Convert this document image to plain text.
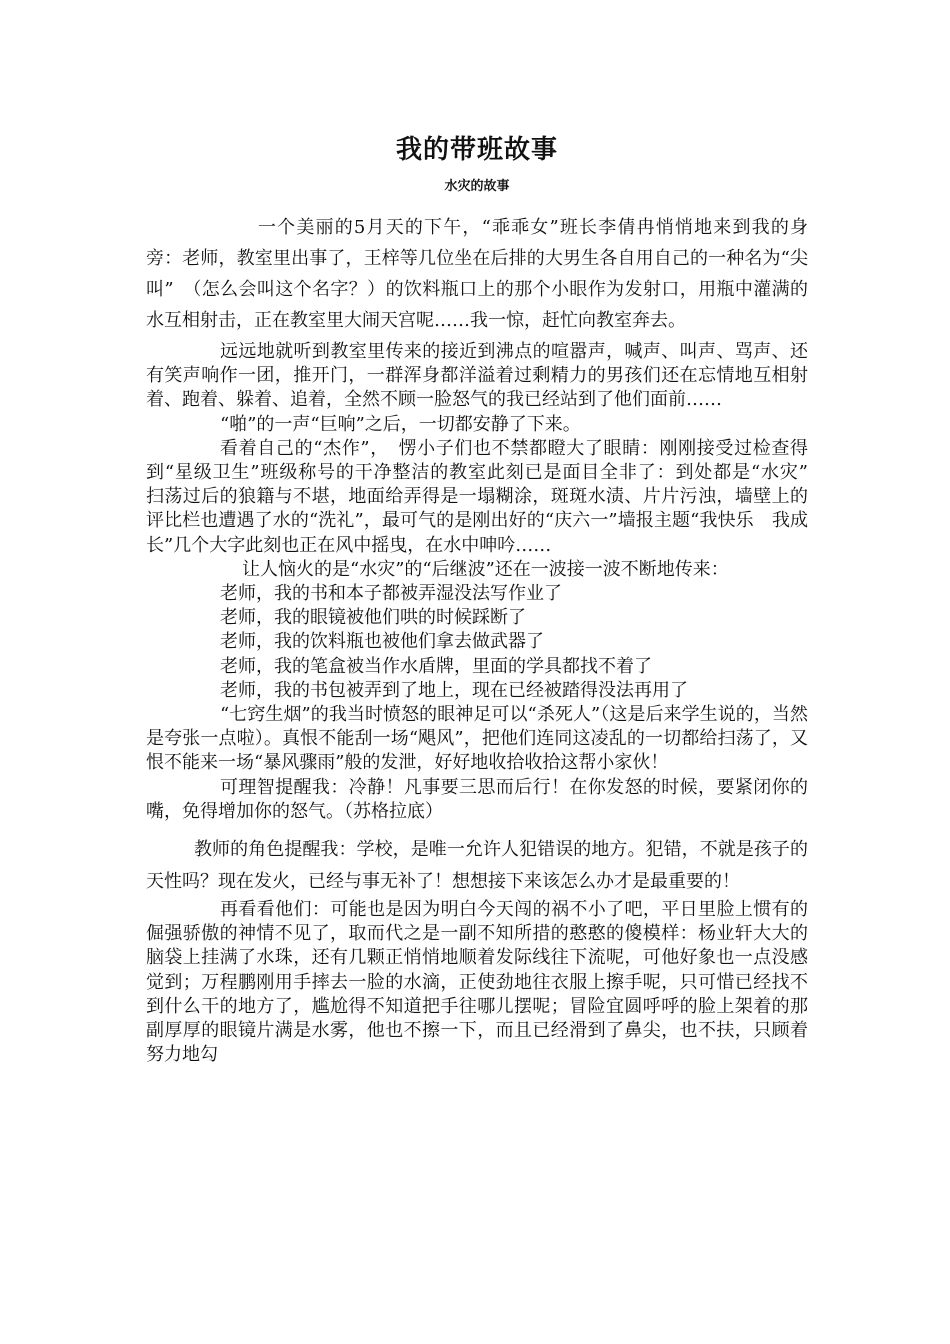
我的带班故事
水灾的故事

一个美丽的5月天的下午，“乖乖女”班长李倩冉悄悄地来到我的身旁：老师，教室里出事了，王梓等几位坐在后排的大男生各自用自己的一种名为“尖叫”　（怎么会叫这个名字？）的饮料瓶口上的那个小眼作为发射口，用瓶中灌满的水互相射击，正在教室里大闹天宫呢……我一惊，赶忙向教室奔去。

远远地就听到教室里传来的接近到沸点的喧嚣声，喊声、叫声、骂声、还有笑声响作一团，推开门，一群浑身都洋溢着过剩精力的男孩们还在忘情地互相射着、跑着、躲着、追着，全然不顾一脸怒气的我已经站到了他们面前……

“啪”的一声“巨响”之后，一切都安静了下来。

看着自己的“杰作”，　愣小子们也不禁都瞪大了眼睛：刚刚接受过检查得到“星级卫生”班级称号的干净整洁的教室此刻已是面目全非了：到处都是“水灾”　扫荡过后的狼籍与不堪，地面给弄得是一塌糊涂，斑斑水渍、片片污浊，墙壁上的评比栏也遭遇了水的“洗礼”，最可气的是刚出好的“庆六一”墙报主题“我快乐　我成长”几个大字此刻也正在风中摇曳，在水中呻吟……

让人恼火的是“水灾”的“后继波”还在一波接一波不断地传来：

老师，我的书和本子都被弄湿没法写作业了

老师，我的眼镜被他们哄的时候踩断了

老师，我的饮料瓶也被他们拿去做武器了

老师，我的笔盒被当作水盾牌，里面的学具都找不着了

老师，我的书包被弄到了地上，现在已经被踏得没法再用了

“七窍生烟”的我当时愤怒的眼神足可以“杀死人”（这是后来学生说的，当然是夸张一点啦）。真恨不能刮一场“飓风”，把他们连同这凌乱的一切都给扫荡了，又恨不能来一场“暴风骤雨”般的发泄，好好地收拾收拾这帮小家伙！

可理智提醒我：冷静！凡事要三思而后行！在你发怒的时候，要紧闭你的嘴，免得增加你的怒气。（苏格拉底）

教师的角色提醒我：学校，是唯一允许人犯错误的地方。犯错，不就是孩子的天性吗？现在发火，已经与事无补了！想想接下来该怎么办才是最重要的！

再看看他们：可能也是因为明白今天闯的祸不小了吧，平日里脸上惯有的倔强骄傲的神情不见了，取而代之是一副不知所措的憨憨的傻模样：杨业轩大大的脑袋上挂满了水珠，还有几颗正悄悄地顺着发际线往下流呢，可他好象也一点没感觉到；万程鹏刚用手摔去一脸的水滴，正使劲地往衣服上擦手呢，只可惜已经找不到什么干的地方了，尴尬得不知道把手往哪儿摆呢；冒险宜圆呼呼的脸上架着的那副厚厚的眼镜片满是水雾，他也不擦一下，而且已经滑到了鼻尖，也不扶，只顾着努力地勾
